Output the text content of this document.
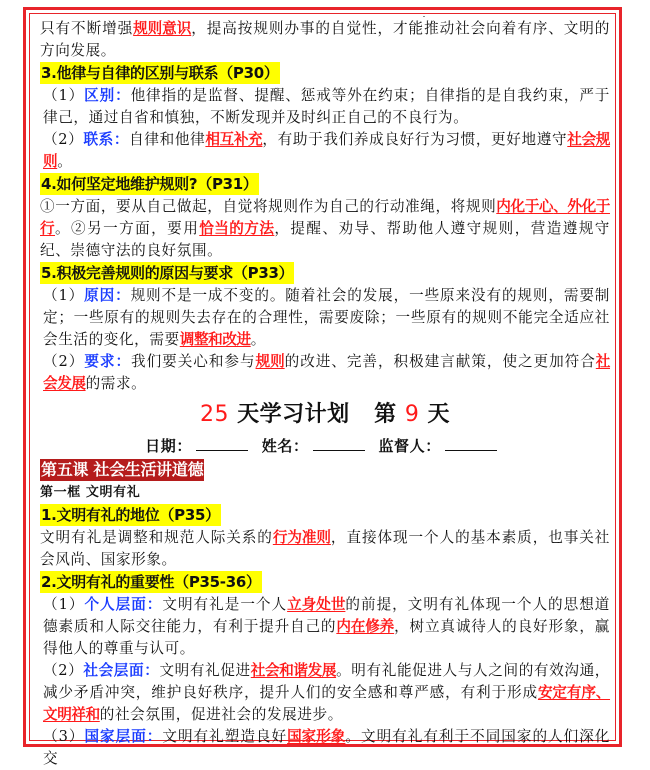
只有不断增强规则意识，提高按规则办事的自觉性，才能推动社会向着有序、文明的方向发展。

3.他律与自律的区别与联系（P30）

（1）区别：他律指的是监督、提醒、惩戒等外在约束；自律指的是自我约束，严于律己，通过自省和慎独，不断发现并及时纠正自己的不良行为。

（2）联系：自律和他律相互补充，有助于我们养成良好行为习惯，更好地遵守社会规则。

4.如何坚定地维护规则?（P31）

①一方面，要从自己做起，自觉将规则作为自己的行动准绳，将规则内化于心、外化于行。②另一方面，要用恰当的方法，提醒、劝导、帮助他人遵守规则，营造遵规守纪、崇德守法的良好氛围。

5.积极完善规则的原因与要求（P33）

（1）原因：规则不是一成不变的。随着社会的发展，一些原来没有的规则，需要制定；一些原有的规则失去存在的合理性，需要废除；一些原有的规则不能完全适应社会生活的变化，需要调整和改进。

（2）要求：我们要关心和参与规则的改进、完善，积极建言献策，使之更加符合社会发展的需求。

25 天学习计划 第 9 天
日期：	姓名：	监督人：
第五课 社会生活讲道德
第一框 文明有礼
1.文明有礼的地位（P35）

文明有礼是调整和规范人际关系的行为准则，直接体现一个人的基本素质，也事关社会风尚、国家形象。

2.文明有礼的重要性（P35-36）

（1）个人层面：文明有礼是一个人立身处世的前提，文明有礼体现一个人的思想道德素质和人际交往能力，有利于提升自己的内在修养，树立真诚待人的良好形象，赢得他人的尊重与认可。

（2）社会层面：文明有礼促进社会和谐发展。明有礼能促进人与人之间的有效沟通，减少矛盾冲突，维护良好秩序，提升人们的安全感和尊严感，有利于形成安定有序、文明祥和的社会氛围，促进社会的发展进步。

（3）国家层面：文明有礼塑造良好国家形象。文明有礼有利于不同国家的人们深化交
